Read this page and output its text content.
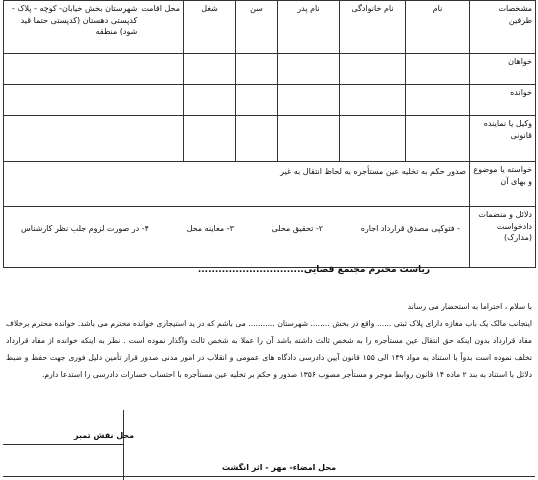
مشخصات طرفین	نام	نام خانوادگی	نام پدر	سن	شغل	محل اقامت
شهرستان بخش خیابان- کوچه - پلاک - کدپستی دهستان (کدپستی حتما قید شود) منطقه

خواهان						
خوانده						
وکیل یا نماینده قانونی						
خواسته یا موضوع و بهای آن	صدور حکم به تخلیه عین مستأجره به لحاظ انتقال به غیر					
دلائل و منضمات دادخواست (مدارک)	- فتوکپی مصدق قرارداد اجاره
۲- تحقیق محلی
۳- معاینه محل
۴- در صورت لزوم جلب نظر کارشناس					
ریاست محترم مجتمع قضایی...............................

با سلام ، احتراما به استحضار می رساند

اینجانب مالک یک باب مغازه دارای پلاک ثبتی ...... واقع در بخش ........ شهرستان ........... می باشم که در ید استیجاری خوانده محترم می باشد. خوانده محترم برخلاف مفاد قرارداد بدون اینکه حق انتقال عین مستأجره را به شخص ثالث داشته باشد آن را عملا به شخص ثالث واگذار نموده است . نظر به اینکه خوانده از مفاد قرارداد تخلف نموده است بدواً با استناد به مواد ۱۴۹ الی ۱۵۵ قانون آیین دادرسی دادگاه های عمومی و انقلاب در امور مدنی صدور قرار تأمین دلیل فوری جهت حفظ و ضبط دلائل با استناد به بند ۲ ماده ۱۴ قانون روابط موجر و مستأجر مصوب ۱۳۵۶ صدور و حکم بر تخلیه عین مستأجره با احتساب خسارات دادرسی را استدعا دارم.

محل نقش تمبر
محل امضاء- مهر - اثر انگشت
